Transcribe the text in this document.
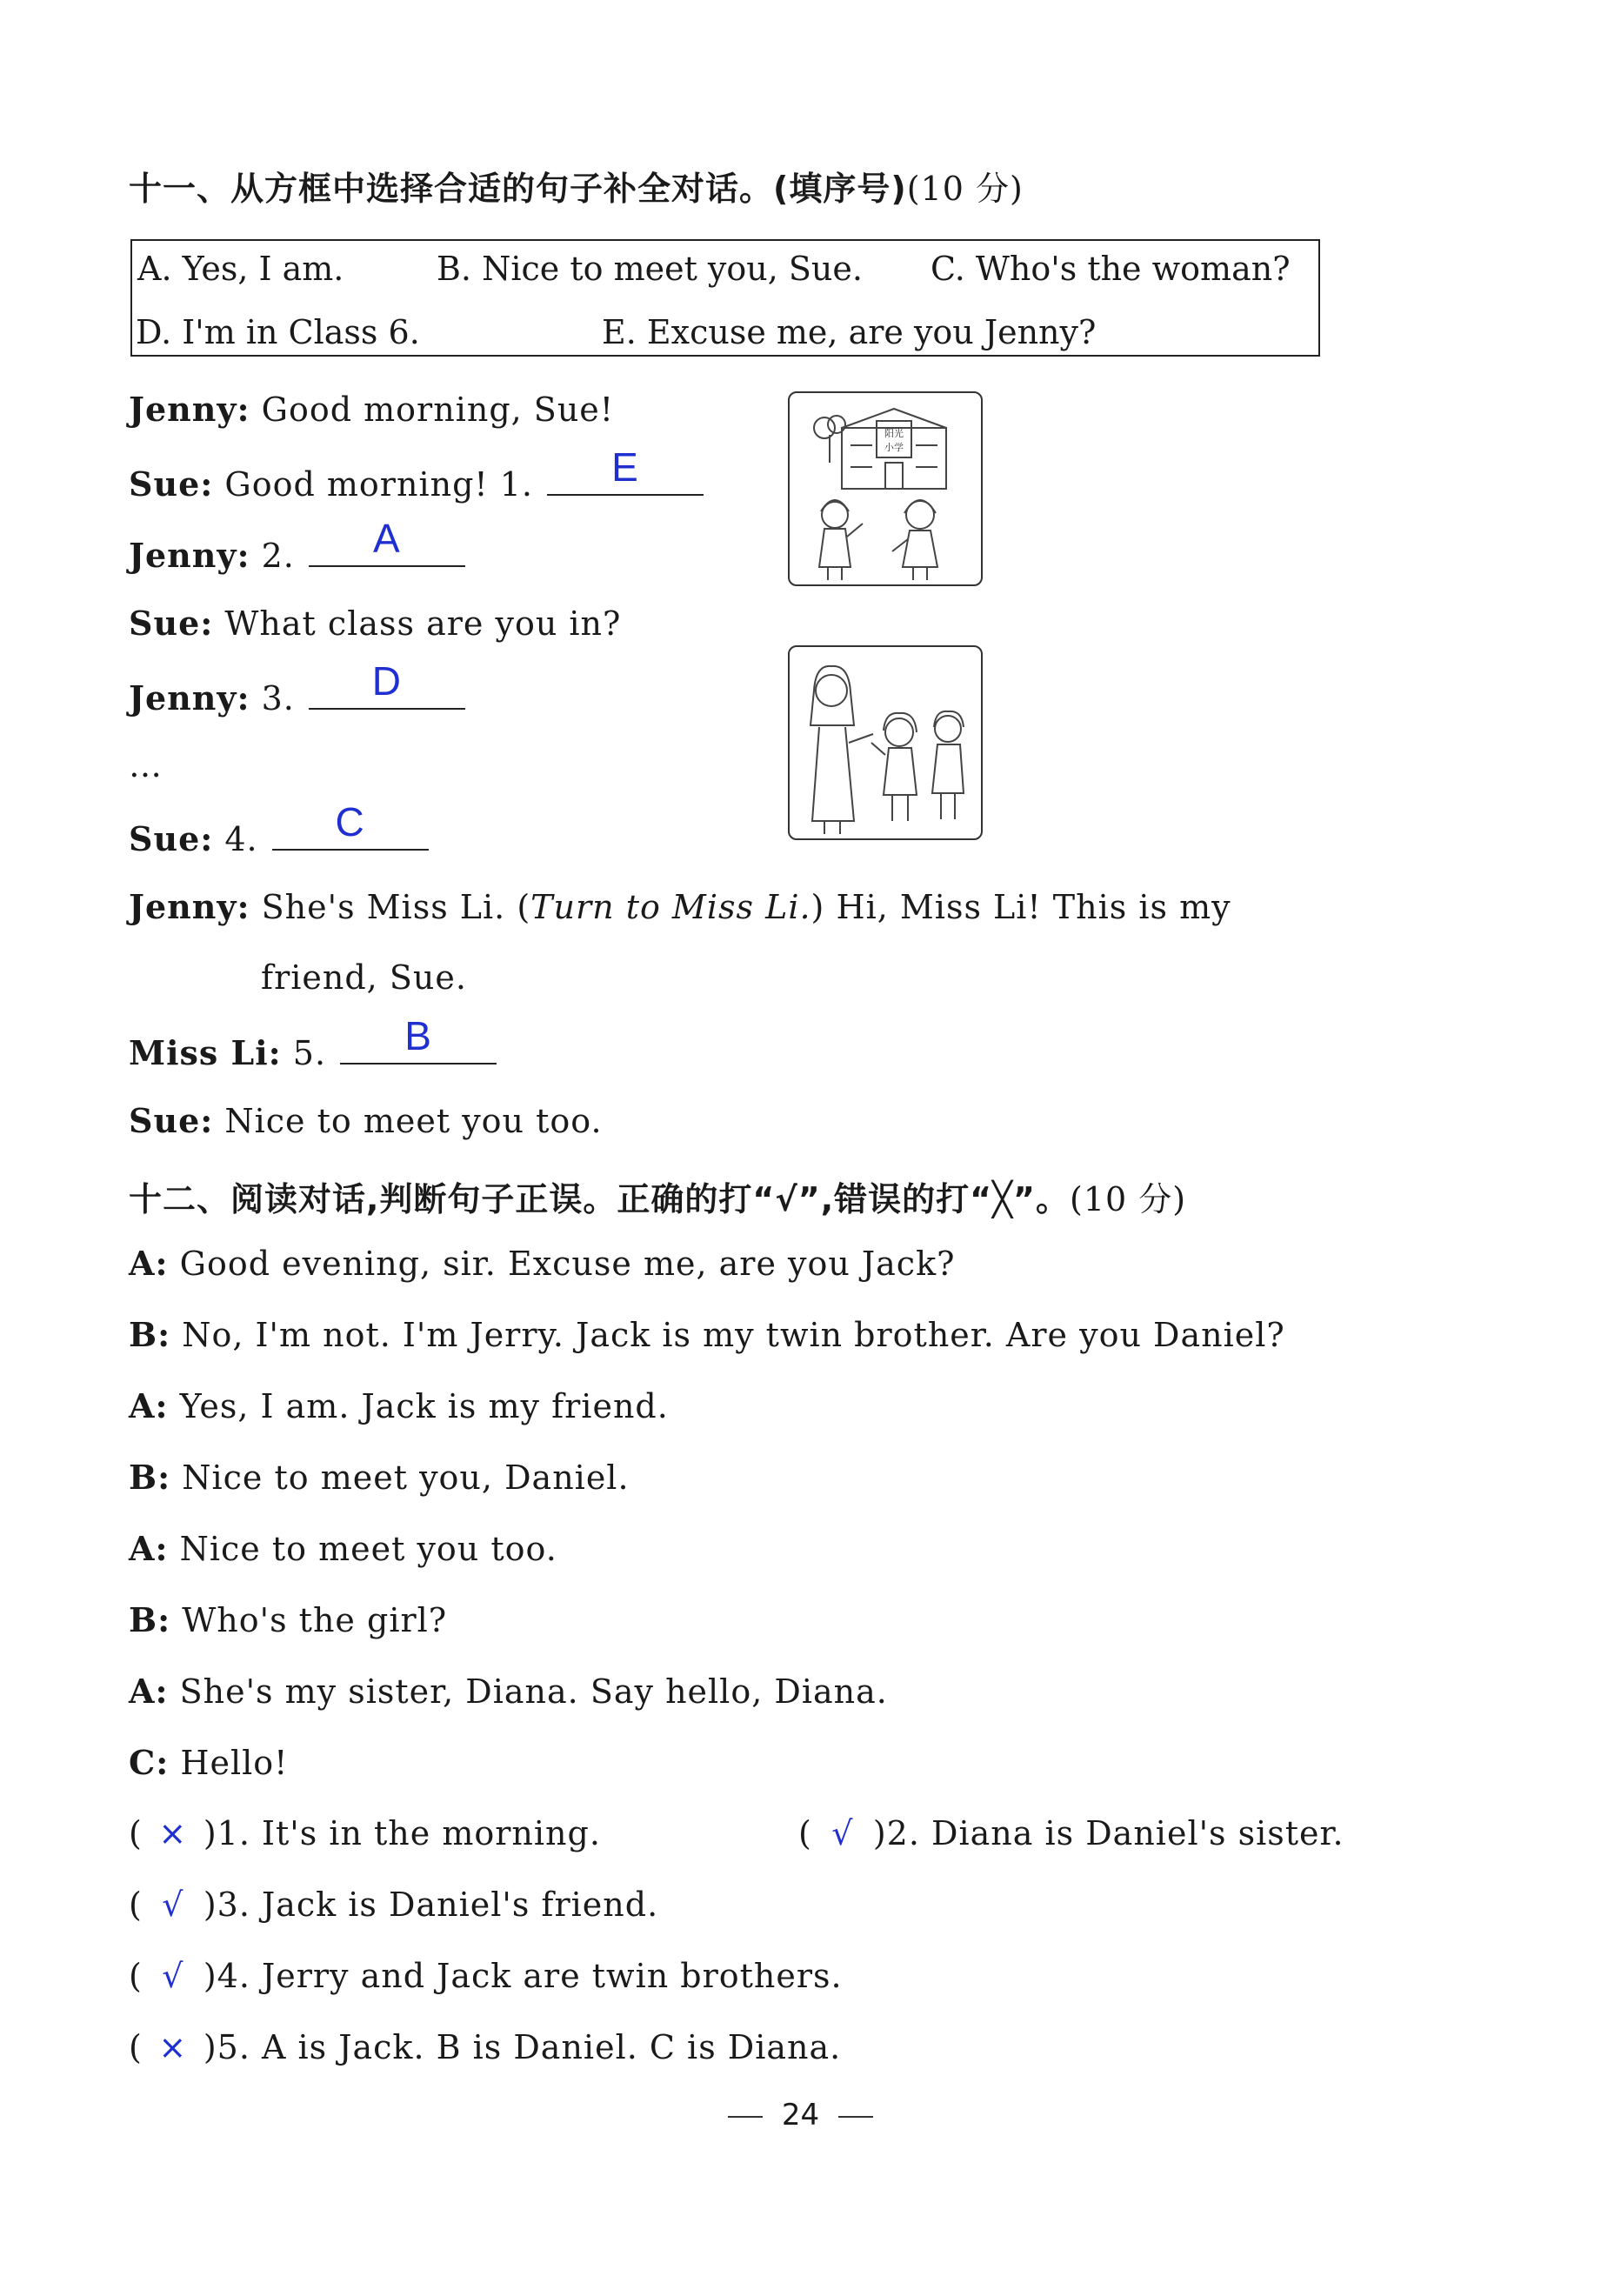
十一、从方框中选择合适的句子补全对话。(填序号)(10 分)
A. Yes, I am.	B. Nice to meet you, Sue. C. Who's the woman?
D. I'm in Class 6.	E. Excuse me, are you Jenny?
Jenny: Good morning, Sue!
Sue: Good morning! 1.	E
Jenny: 2.	A
Sue: What class are you in?
Jenny: 3.	D
…
Sue: 4.	C
Jenny: She's Miss Li. (Turn to Miss Li.) Hi, Miss Li! This is my
friend, Sue.
Miss Li: 5.	B
Sue: Nice to meet you too.
阳光
小学
十二、阅读对话,判断句子正误。正确的打“√”,错误的打“╳”。(10 分)
A: Good evening, sir. Excuse me, are you Jack?
B: No, I'm not. I'm Jerry. Jack is my twin brother. Are you Daniel?
A: Yes, I am. Jack is my friend.
B: Nice to meet you, Daniel.
A: Nice to meet you too.
B: Who's the girl?
A: She's my sister, Diana. Say hello, Diana.
C: Hello!
( × )1. It's in the morning.	( √ )2. Diana is Daniel's sister.
( √ )3. Jack is Daniel's friend.
( √ )4. Jerry and Jack are twin brothers.
( × )5. A is Jack. B is Daniel. C is Diana.
24
